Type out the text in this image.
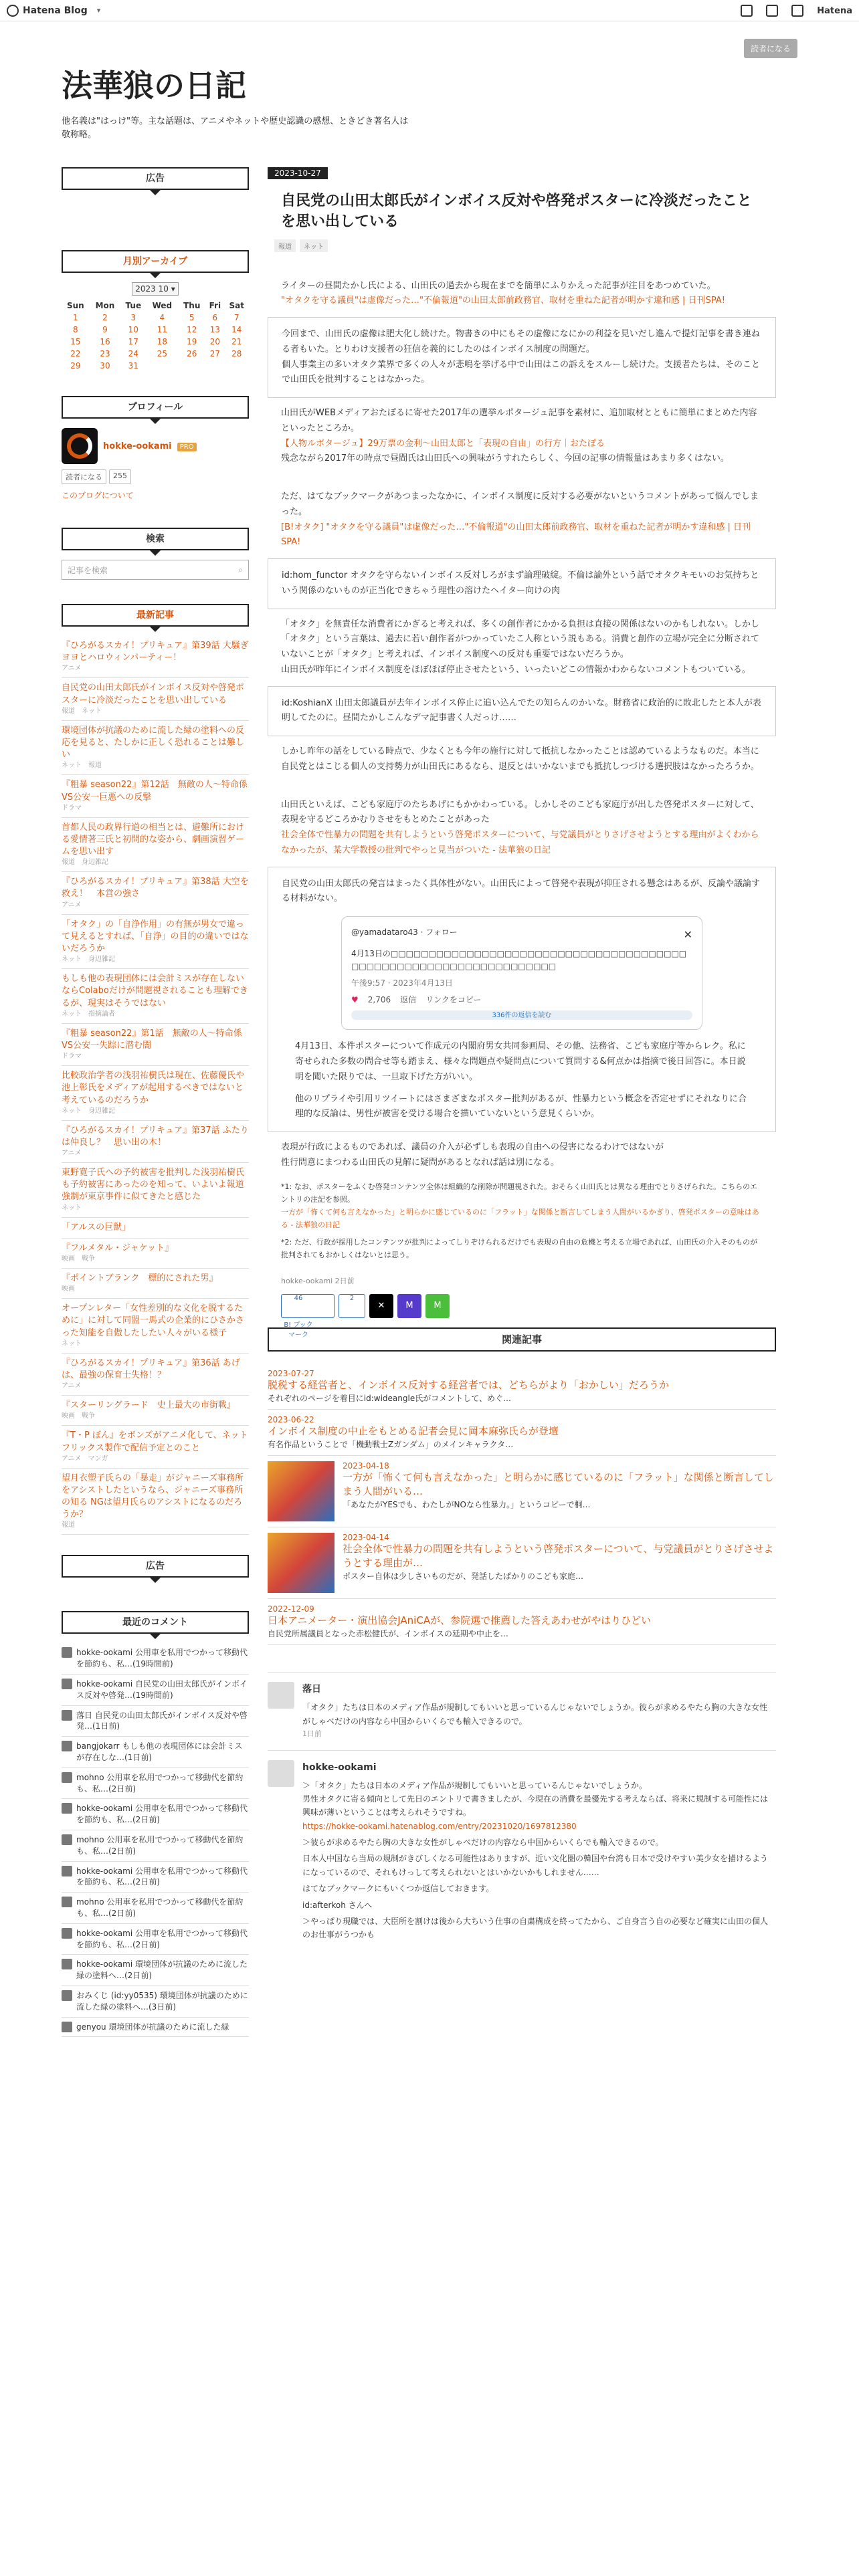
Hatena Blog ▾	Hatena
法華狼の日記
他名義は"はっけ"等。主な話題は、アニメやネットや歴史認識の感想、ときどき著名人は敬称略。
読者になる
広告
月別アーカイブ
2023 10 ▾
Sun	Mon	Tue	Wed	Thu	Fri	Sat
1	2	3	4	5	6	7
8	9	10	11	12	13	14
15	16	17	18	19	20	21
22	23	24	25	26	27	28
29	30	31				
プロフィール
hokke-ookami PRO
読者になる	255
このブログについて
検索
記事を検索	⌕
最新記事
『ひろがるスカイ！プリキュア』第39話 大騒ぎヨヨとハロウィンパーティー！
アニメ
自民党の山田太郎氏がインボイス反対や啓発ポスターに冷淡だったことを思い出している
報道　ネット
環境団体が抗議のために流した緑の塗料への反応を見ると、たしかに正しく恐れることは難しい
ネット　報道
『粗暴 season22』第12話　無敵の人〜特命係VS公安一巨悪への反撃
ドラマ
首都人民の政界行道の相当とは、避難所における愛情著三氏と初問的な姿から、劇画演習ゲームを思い出す
報道　身辺雑記
『ひろがるスカイ！プリキュア』第38話 大空を救え！　本営の強さ
アニメ
「オタク」の「自浄作用」の有無が男女で違って見えるとすれば、「自浄」の目的の違いではないだろうか
ネット　身辺雑記
もしも他の表現団体には会計ミスが存在しないならColaboだけが問題視されることも理解できるが、現実はそうではない
ネット　指摘論者
『粗暴 season22』第1話　無敵の人〜特命係VS公安一失踪に潜む闇
ドラマ
比較政治学者の浅羽祐樹氏は現在、佐藤優氏や池上彰氏をメディアが起用するべきではないと考えているのだろうか
ネット　身辺雑記
『ひろがるスカイ！プリキュア』第37話 ふたりは仲良し？　思い出の木！
アニメ
東野寛子氏への予約被害を批判した浅羽祐樹氏も予約被害にあったのを知って、いよいよ報道強制が東京事件に似てきたと感じた
ネット
「アルスの巨獣」
『フルメタル・ジャケット』
映画　戦争
『ポイントブランク　標的にされた男』
映画
オープンレター「女性差別的な文化を脱するために」に対して同盟一馬式の企業的にひさかさった知能を自傲したしたい人々がいる様子
ネット
『ひろがるスカイ！プリキュア』第36話 あげは、最強の保育士失格！？
アニメ
『スターリングラード　史上最大の市街戦』
映画　戦争
『T・P ぼん』をボンズがアニメ化して、ネットフリックス製作で配信予定とのこと
アニメ　マンガ
望月衣塑子氏らの「暴走」がジャニーズ事務所をアシストしたというなら、ジャニーズ事務所の知る NGは望月氏らのアシストになるのだろうか？
報道
広告
最近のコメント
hokke-ookami 公用車を私用でつかって移動代を節約も、私…(19時間前)
hokke-ookami 自民党の山田太郎氏がインボイス反対や啓発…(19時間前)
落日 自民党の山田太郎氏がインボイス反対や啓発…(1日前)
bangjokarr もしも他の表現団体には会計ミスが存在しな…(1日前)
mohno 公用車を私用でつかって移動代を節約も、私…(2日前)
hokke-ookami 公用車を私用でつかって移動代を節約も、私…(2日前)
mohno 公用車を私用でつかって移動代を節約も、私…(2日前)
hokke-ookami 公用車を私用でつかって移動代を節約も、私…(2日前)
mohno 公用車を私用でつかって移動代を節約も、私…(2日前)
hokke-ookami 公用車を私用でつかって移動代を節約も、私…(2日前)
hokke-ookami 環境団体が抗議のために流した緑の塗料へ…(2日前)
おみくじ (id:yy0535) 環境団体が抗議のために流した緑の塗料へ…(3日前)
genyou 環境団体が抗議のために流した緑
2023-10-27
自民党の山田太郎氏がインボイス反対や啓発ポスターに冷淡だったことを思い出している
報道	ネット

ライターの昼間たかし氏による、山田氏の過去から現在までを簡単にふりかえった記事が注目をあつめていた。

"オタクを守る議員"は虚像だった…"不倫報道"の山田太郎前政務官、取材を重ねた記者が明かす違和感 | 日刊SPA!

今回まで、山田氏の虚像は肥大化し続けた。物書きの中にもその虚像になにかの利益を見いだし進んで提灯記事を書き連ねる者もいた。とりわけ支援者の狂信を義的にしたのはインボイス制度の問題だ。
個人事業主の多いオタク業界で多くの人々が悲鳴を挙げる中で山田はこの訴えをスルーし続けた。支援者たちは、そのことで山田氏を批判することはなかった。

山田氏がWEBメディアおたぽるに寄せた2017年の選挙ルポタージュ記事を素材に、追加取材とともに簡単にまとめた内容といったところか。

【人物ルポタージュ】29万票の金利〜山田太郎と「表現の自由」の行方｜おたぽる

残念ながら2017年の時点で昼間氏は山田氏への興味がうすれたらしく、今回の記事の情報量はあまり多くはない。

ただ、はてなブックマークがあつまったなかに、インボイス制度に反対する必要がないというコメントがあって悩んでしまった。

[B!オタク] "オタクを守る議員"は虚像だった…"不倫報道"の山田太郎前政務官、取材を重ねた記者が明かす違和感 | 日刊SPA!

id:hom_functor オタクを守らないインボイス反対しろがまず論理破綻。不倫は論外という話でオタクキモいのお気持ちという関係のないものが正当化できちゃう理性の溶けたヘイター向けの肉

「オタク」を無責任な消費者にかぎると考えれば、多くの創作者にかかる負担は直接の関係はないのかもしれない。しかし「オタク」という言葉は、過去に若い創作者がつかっていたこ人称という説もある。消費と創作の立場が完全に分断されていないことが「オタク」と考えれば、インボイス制度への反対も重要ではないだろうか。

山田氏が昨年にインボイス制度をほぼほぼ停止させたという、いったいどこの情報かわからないコメントもついている。

id:KoshianX 山田太郎議員が去年インボイス停止に追い込んでたの知らんのかいな。財務省に政治的に敗北したと本人が表明してたのに。昼間たかしこんなデマ記事書く人だっけ……

しかし昨年の話をしている時点で、少なくとも今年の施行に対して抵抗しなかったことは認めているようなものだ。本当に自民党とはこじる個人の支持勢力が山田氏にあるなら、退反とはいかないまでも抵抗しつづける選択肢はなかったろうか。

山田氏といえば、こども家庭庁のたちあげにもかかわっている。しかしそのこども家庭庁が出した啓発ポスターに対して、表現を守るどころかむりさせをもとめたことがあった

社会全体で性暴力の問題を共有しようという啓発ポスターについて、与党議員がとりさげさせようとする理由がよくわからなかったが、某大学教授の批判でやっと見当がついた - 法華狼の日記

自民党の山田太郎氏の発言はまったく具体性がない。山田氏によって啓発や表現が抑圧される懸念はあるが、反論や議論する材料がない。
@yamadataro43 · フォロー	✕
4月13日の□□□□□□□□□□□□□□□□□□□□□□□□□□□□□□□□□□□□□□□□□□□□□□□□□□□□□□□□□□□□□□□□□□
午後9:57 · 2023年4月13日
♥ 2,706 返信 リンクをコピー
336件の返信を読む
4月13日、本件ポスターについて作成元の内閣府男女共同参画局、その他、法務省、こども家庭庁等からレク。私に寄せられた多数の問合せ等も踏まえ、様々な問題点や疑問点について質問する&何点かは指摘で後日回答に。本日説明を聞いた限りでは、一旦取下げた方がいい。
他のリプライや引用リツイートにはさまざまなポスター批判があるが、性暴力という概念を否定せずにそれなりに合理的な反論は、男性が被害を受ける場合を描いていないという意見くらいか。

表現が行政によるものであれば、議員の介入が必ずしも表現の自由への侵害になるわけではないが

性行問意にまつわる山田氏の見解に疑問があるとなれば話は別になる。

*1: なお、ポスターをふくむ啓発コンテンツ全体は組織的な削除が問題視された。おそらく山田氏とは異なる理由でとりさげられた。こちらのエントリの注記を参照。

一方が「怖くて何も言えなかった」と明らかに感じているのに「フラット」な関係と断言してしまう人間がいるかぎり、啓発ポスターの意味はある - 法華狼の日記

*2: ただ、行政が採用したコンテンツが批判によってしりぞけられるだけでも表現の自由の危機と考える立場であれば、山田氏の介入そのものが批判されてもおかしくはないとは思う。

hokke-ookami 2日前

46
B! ブックマーク
2
✕	M	M
関連記事
2023-07-27
脱税する経営者と、インボイス反対する経営者では、どちらがより「おかしい」だろうか
それぞれのページを着目にid:wideangle氏がコメントして、めぐ…
2023-06-22
インボイス制度の中止をもとめる記者会見に岡本麻弥氏らが登壇
有名作品ということで「機動戦士Zガンダム」のメインキャラクタ…
2023-04-18
一方が「怖くて何も言えなかった」と明らかに感じているのに「フラット」な関係と断言してしまう人間がいる…
「あなたがYESでも、わたしがNOなら性暴力。」というコピーで桐…
2023-04-14
社会全体で性暴力の問題を共有しようという啓発ポスターについて、与党議員がとりさげさせようとする理由が…
ポスター自体は少しさいものだが、発話したばかりのこども家庭…
2022-12-09
日本アニメーター・演出協会JAniCAが、参院選で推薦した答えあわせがやはりひどい
自民党所属議員となった赤松健氏が、インボイスの延期や中止を…
落日
「オタク」たちは日本のメディア作品が規制してもいいと思っているんじゃないでしょうか。彼らが求めるやたら胸の大きな女性がしゃべだけの内容なら中国からいくらでも輸入できるので。
1日前
hokke-ookami
＞「オタク」たちは日本のメディア作品が規制してもいいと思っているんじゃないでしょうか。
男性オタクに寄る傾向として先日のエントリで書きましたが、今現在の消費を最優先する考えならば、将来に規制する可能性には興味が薄いということは考えられそうですね。
https://hokke-ookami.hatenablog.com/entry/20231020/1697812380
＞彼らが求めるやたら胸の大きな女性がしゃべだけの内容なら中国からいくらでも輸入できるので。
日本人中国なら当局の規制がきびしくなる可能性はありますが、近い文化圏の韓国や台湾も日本で受けやすい美少女を描けるようになっているので、それもけっして考えられないとはいかないかもしれません……
はてなブックマークにもいくつか返信しておきます。
id:afterkoh さんへ
＞やっぱり現職では、大臣所を割けは後から大ちいう仕事の自粛構成を終ってたから、ご自身言う自の必要など確実に山田の個人のお仕事がうつかも
